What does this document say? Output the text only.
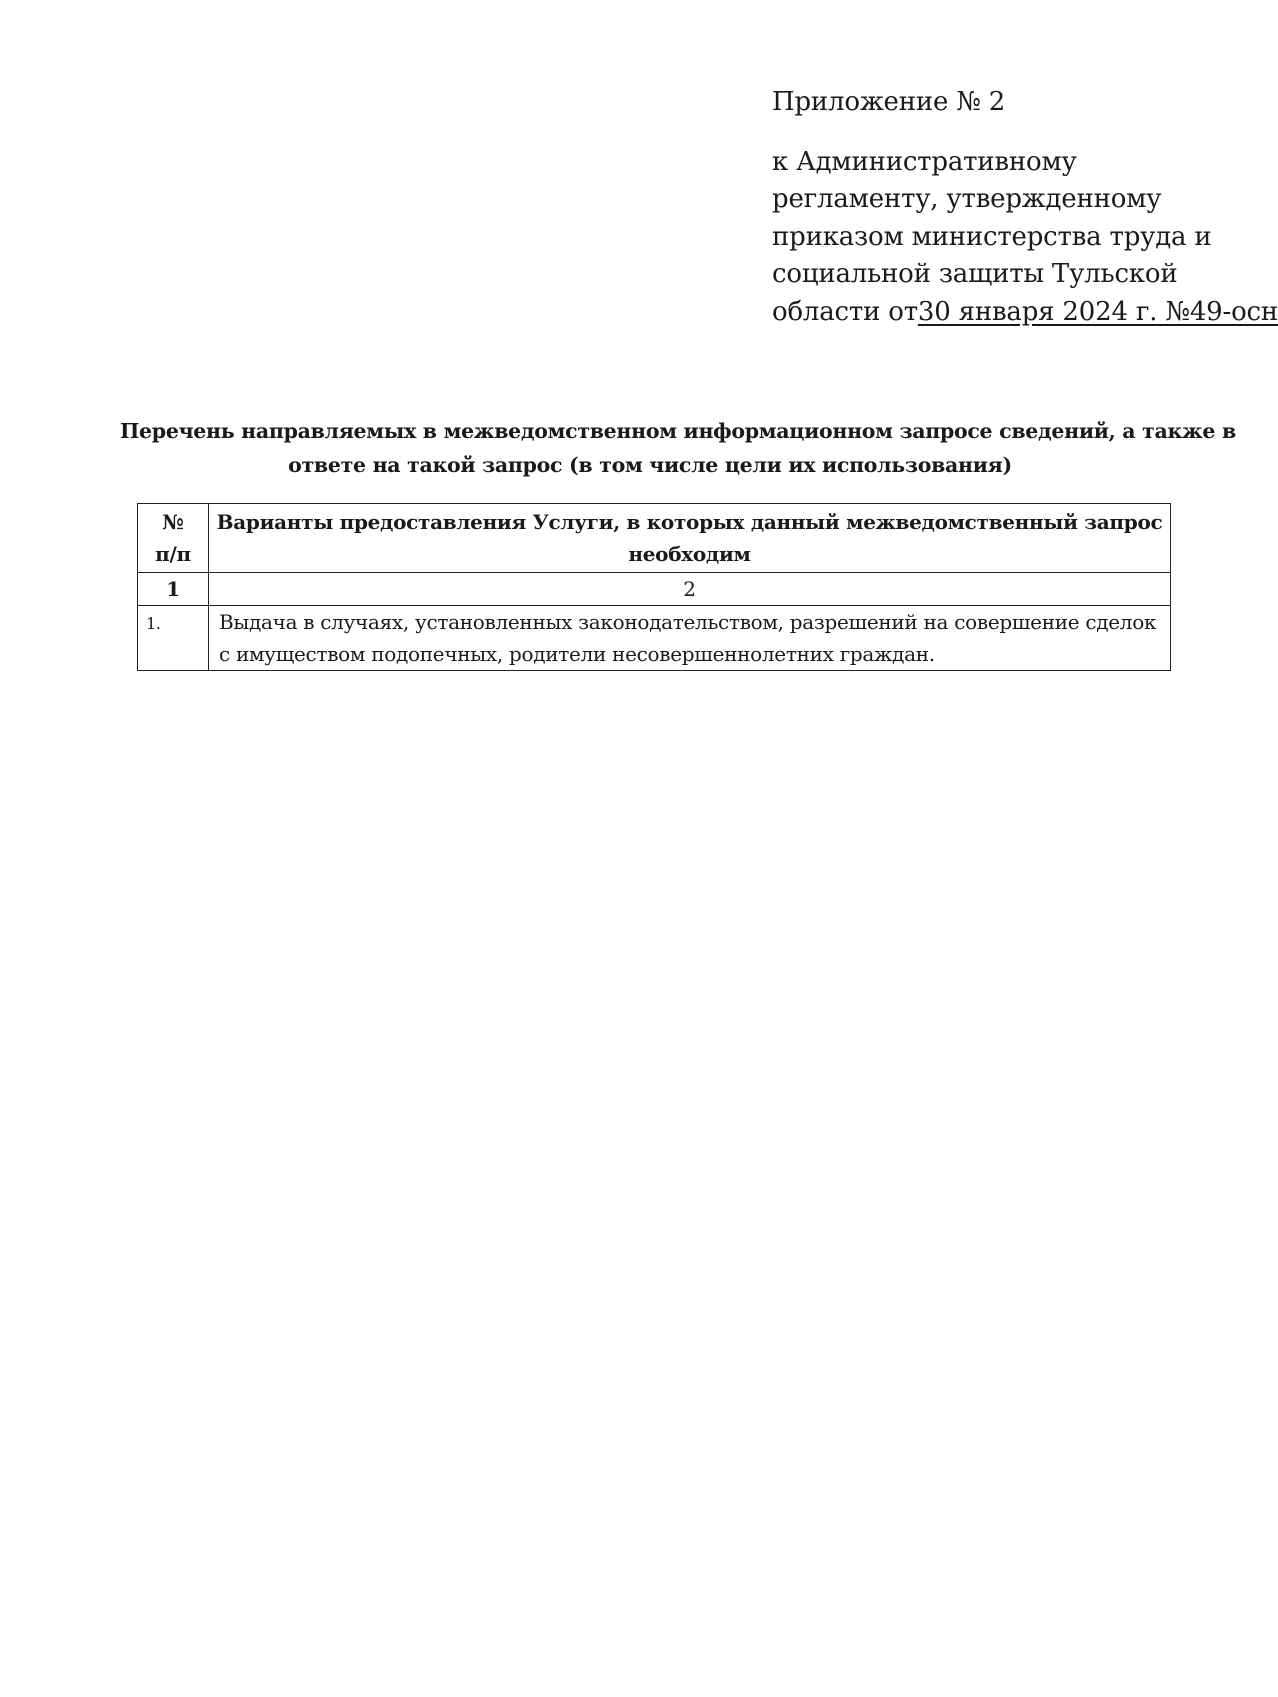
Приложение № 2

к Административному
регламенту, утвержденному
приказом министерства труда и
социальной защиты Тульской
области от30 января 2024 г. №49-осн
Перечень направляемых в межведомственном информационном запросе сведений, а также в
ответе на такой запрос (в том числе цели их использования)
№
п/п	Варианты предоставления Услуги, в которых данный межведомственный запрос
необходим

1	2
1.	Выдача в случаях, установленных законодательством, разрешений на совершение сделок
с имуществом подопечных, родители несовершеннолетних граждан.
